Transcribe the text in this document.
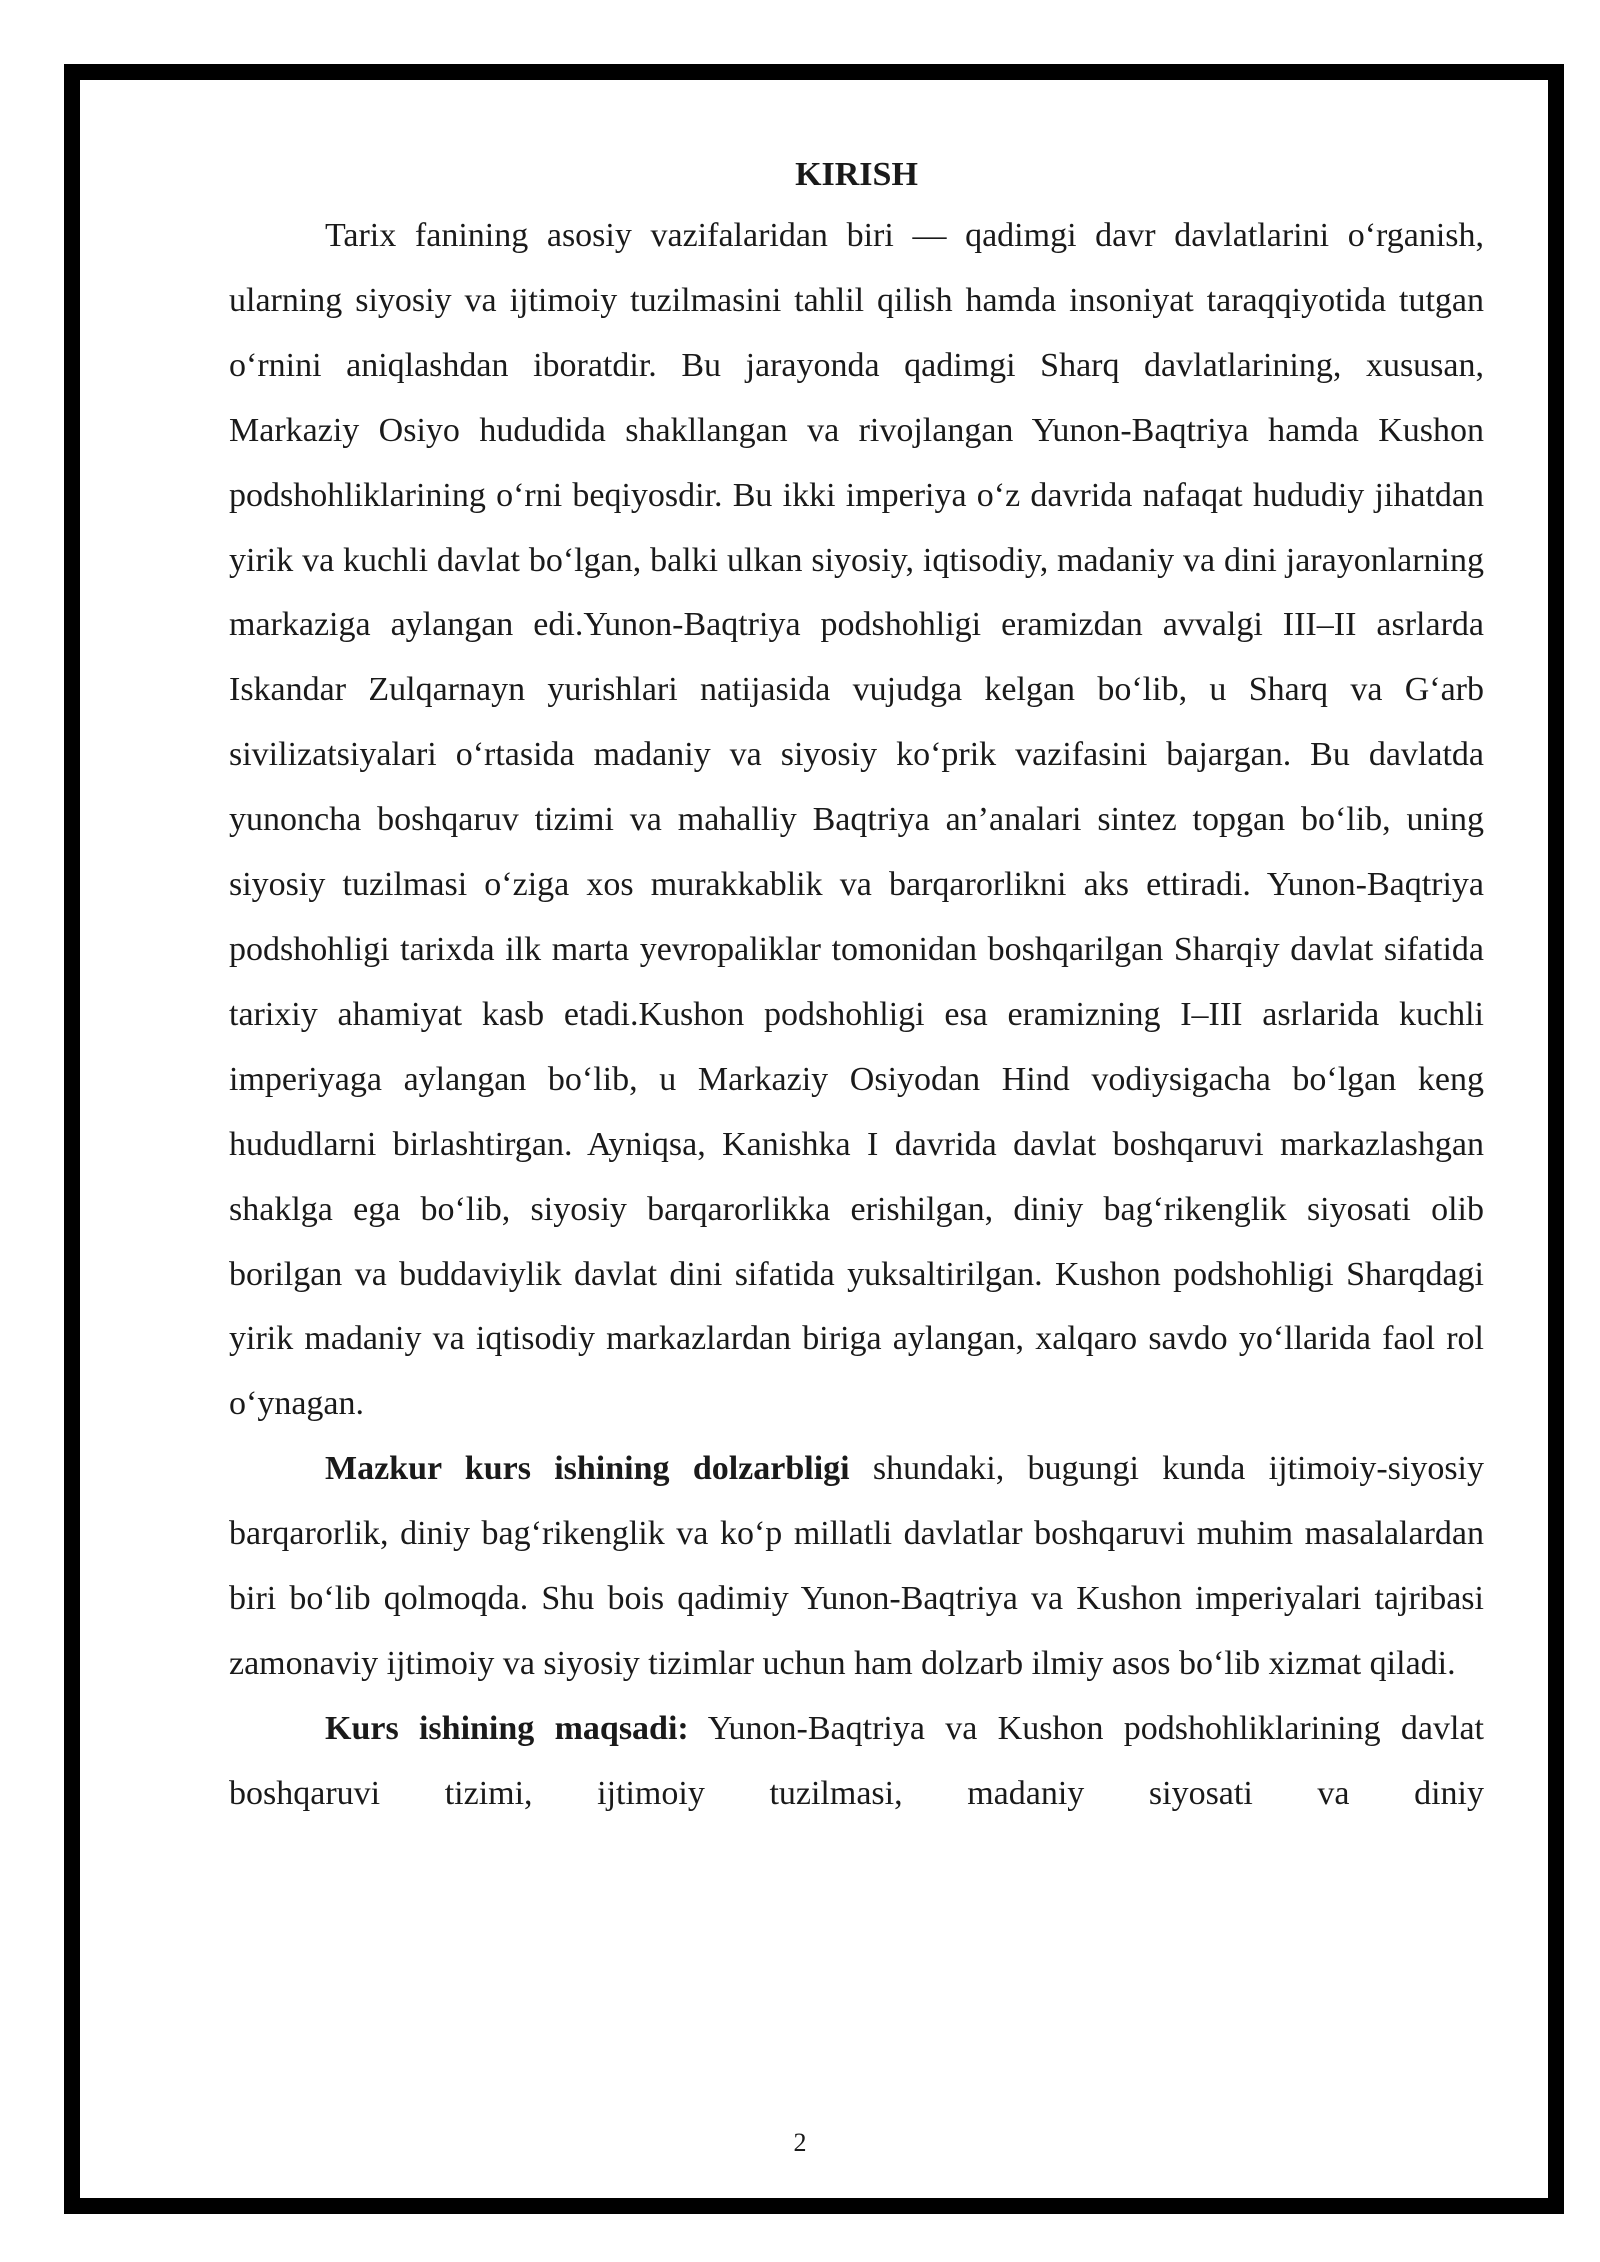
KIRISH

Tarix fanining asosiy vazifalaridan biri — qadimgi davr davlatlarini o‘rganish, ularning siyosiy va ijtimoiy tuzilmasini tahlil qilish hamda insoniyat taraqqiyotida tutgan o‘rnini aniqlashdan iboratdir. Bu jarayonda qadimgi Sharq davlatlarining, xususan, Markaziy Osiyo hududida shakllangan va rivojlangan Yunon-Baqtriya hamda Kushon podshohliklarining o‘rni beqiyosdir. Bu ikki imperiya o‘z davrida nafaqat hududiy jihatdan yirik va kuchli davlat bo‘lgan, balki ulkan siyosiy, iqtisodiy, madaniy va dini jarayonlarning markaziga aylangan edi.Yunon-Baqtriya podshohligi eramizdan avvalgi III–II asrlarda Iskandar Zulqarnayn yurishlari natijasida vujudga kelgan bo‘lib, u Sharq va G‘arb sivilizatsiyalari o‘rtasida madaniy va siyosiy ko‘prik vazifasini bajargan. Bu davlatda yunoncha boshqaruv tizimi va mahalliy Baqtriya an’analari sintez topgan bo‘lib, uning siyosiy tuzilmasi o‘ziga xos murakkablik va barqarorlikni aks ettiradi. Yunon-Baqtriya podshohligi tarixda ilk marta yevropaliklar tomonidan boshqarilgan Sharqiy davlat sifatida tarixiy ahamiyat kasb etadi.Kushon podshohligi esa eramizning I–III asrlarida kuchli imperiyaga aylangan bo‘lib, u Markaziy Osiyodan Hind vodiysigacha bo‘lgan keng hududlarni birlashtirgan. Ayniqsa, Kanishka I davrida davlat boshqaruvi markazlashgan shaklga ega bo‘lib, siyosiy barqarorlikka erishilgan, diniy bag‘rikenglik siyosati olib borilgan va buddaviylik davlat dini sifatida yuksaltirilgan. Kushon podshohligi Sharqdagi yirik madaniy va iqtisodiy markazlardan biriga aylangan, xalqaro savdo yo‘llarida faol rol o‘ynagan.

Mazkur kurs ishining dolzarbligi shundaki, bugungi kunda ijtimoiy-siyosiy barqarorlik, diniy bag‘rikenglik va ko‘p millatli davlatlar boshqaruvi muhim masalalardan biri bo‘lib qolmoqda. Shu bois qadimiy Yunon-Baqtriya va Kushon imperiyalari tajribasi zamonaviy ijtimoiy va siyosiy tizimlar uchun ham dolzarb ilmiy asos bo‘lib xizmat qiladi.

Kurs ishining maqsadi: Yunon-Baqtriya va Kushon podshohliklarining davlat boshqaruvi tizimi, ijtimoiy tuzilmasi, madaniy siyosati va diniy

2
